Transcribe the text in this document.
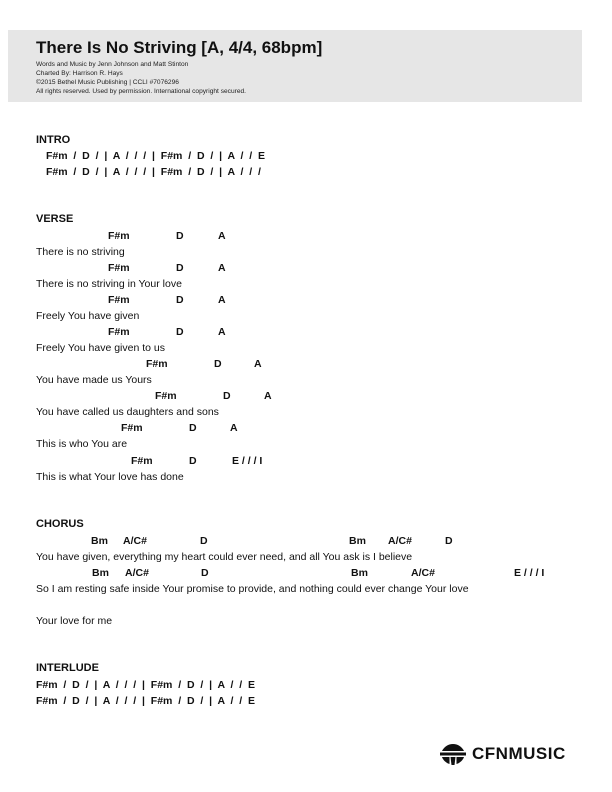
There Is No Striving [A, 4/4, 68bpm]
Words and Music by Jenn Johnson and Matt Stinton
Charted By: Harrison R. Hays
©2015 Bethel Music Publishing | CCLI #7076296
All rights reserved. Used by permission. International copyright secured.
INTRO
F#m  /  D  /  |  A  /  /  /  |  F#m  /  D  /  |  A  /  /  E
F#m  /  D  /  |  A  /  /  /  |  F#m  /  D  /  |  A  /  /  /
VERSE
F#m	D	A
There is no striving
F#m	D	A
There is no striving in Your love
F#m	D	A
Freely You have given
F#m	D	A
Freely You have given to us
F#m	D	A
You have made us Yours
F#m	D	A
You have called us daughters and sons
F#m	D	A
This is who You are
F#m	D	E / / / I
This is what Your love has done
CHORUS
Bm A/C#	D	Bm A/C#	D
You have given, everything my heart could ever need, and all You ask is I believe
Bm A/C#	D	Bm	A/C#	E / / / I
So I am resting safe inside Your promise to provide, and nothing could ever change Your love
Your love for me
INTERLUDE
F#m  /  D  /  |  A  /  /  /  |  F#m  /  D  /  |  A  /  /  E
F#m  /  D  /  |  A  /  /  /  |  F#m  /  D  /  |  A  /  /  E
CFNMUSIC
